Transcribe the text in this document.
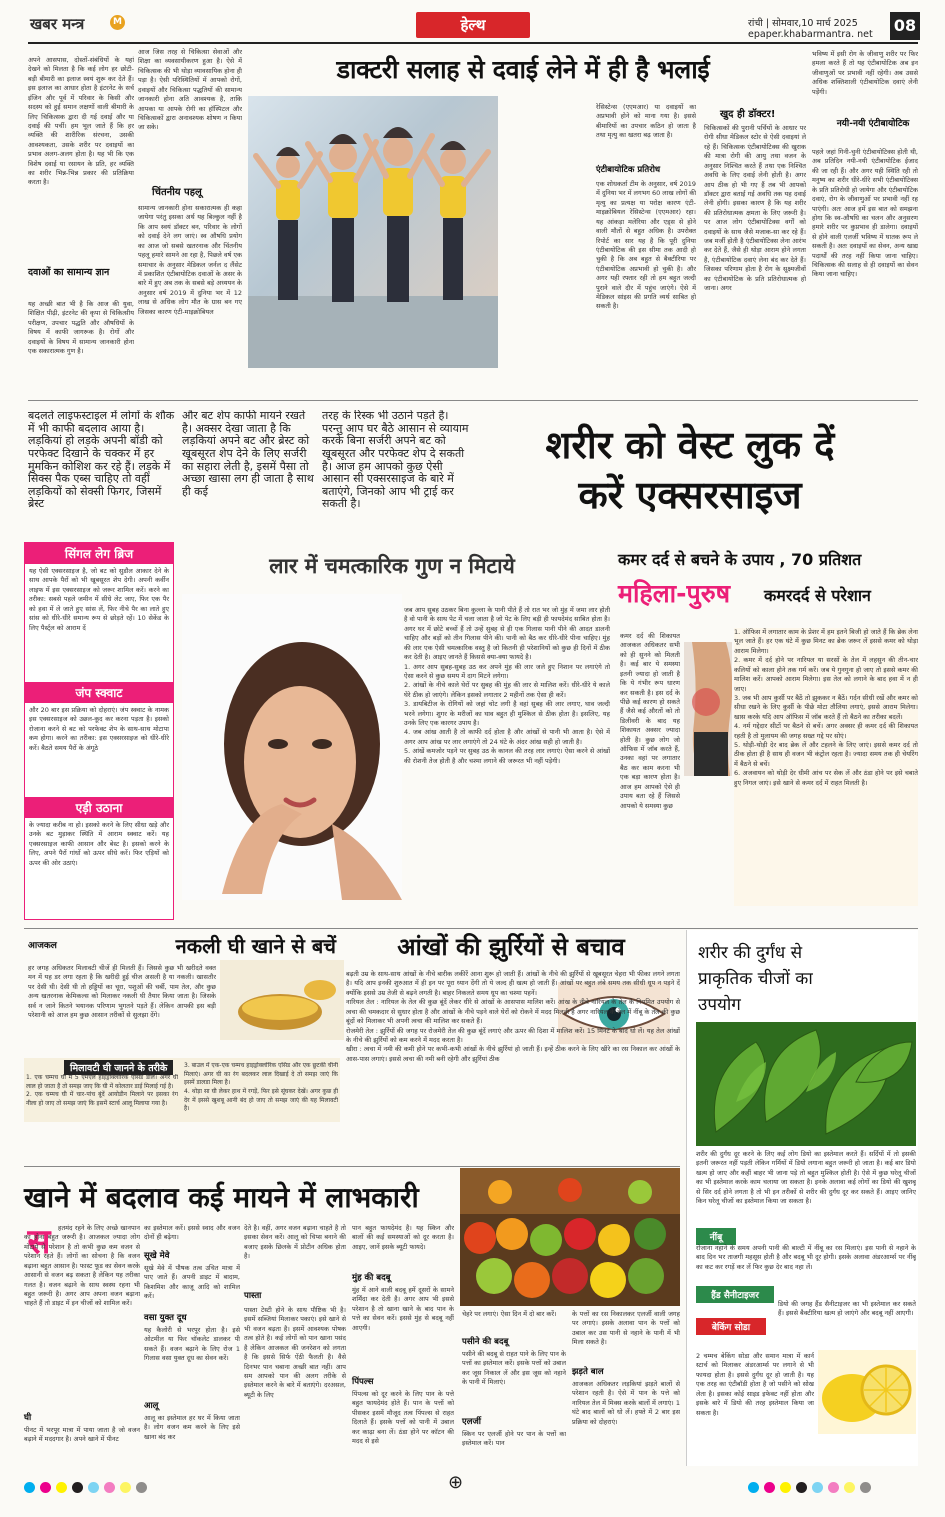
खबर मन्त्र	M	हेल्थ	रांची | सोमवार,10 मार्च 2025
epaper.khabarmantra. net 08
अपने आसपास, दोस्तों-संबंधियों के यहां देखने को मिलता है कि कई लोग हर छोटी-बड़ी बीमारी का इलाज स्वयं शुरू कर देते हैं। इस इलाज का आधार होता है इंटरनेट के सर्च इंजिन और पूर्व में परिवार के किसी और सदस्य को हुई समान लक्षणों वाली बीमारी के लिए चिकित्सक द्वारा दी गई दवाई और या दवाई की पर्ची। हम भूल जाते हैं कि हर व्यक्ति की शारीरिक संरचना, उसकी आवश्यकता, उसके शरीर पर दवाइयों का प्रभाव अलग-अलग होता है। यह भी कि एक विशेष दवाई या रसायन के प्रति, हर व्यक्ति का शरीर भिन्न-भिन्न प्रकार की प्रतिक्रिया करता है।
दवाओं का सामान्य ज्ञान
यह अच्छी बात भी है कि आज की युवा, शिक्षित पीढ़ी, इंटरनेट की कृपा से चिकित्सीय परीक्षण, उपचार पद्धति और औषधियों के विषय में काफी जागरूक है। रोगों और दवाइयों के विषय में सामान्य जानकारी होना एक सकारात्मक गुण है।
आज जिस तरह से चिकित्सा सेवाओं और शिक्षा का व्यवसायीकरण हुआ है। ऐसे में चिकित्सक की भी थोड़ा व्यावसायिक होना ही पड़ा है। ऐसी परिस्थितियों में आपको रोगों, दवाइयों और चिकित्सा पद्धतियों की सामान्य जानकारी होना अति आवश्यक है, ताकि आपका या आपके रोगी का हॉस्पिटल और चिकित्सकों द्वारा अनावश्यक शोषण न किया जा सके।
चिंतनीय पहलू
सामान्य जानकारी होना सकारात्मक ही कहा जायेगा परंतु इसका अर्थ यह बिल्कुल नहीं है कि आप स्वयं डॉक्टर बन, परिवार के लोगों को दवाई देने लग जाएं। स्व औषधि प्रयोग का आज जो सबसे खतरनाक और चिंतनीय पहलू हमारे सामने आ रहा है, पिछले वर्ष एक समाचार के अनुसार मेडिकल जर्नल द लैंसेट में प्रकाशित एंटीबायोटिक दवाओं के असर के बारे में हुए अब तक के सबसे बड़े अध्ययन के अनुसार वर्ष 2019 में दुनिया भर में 12 लाख से अधिक लोग मौत के ग्रास बन गए जिसका कारण एंटी-माइक्रोबियल
डाक्टरी सलाह से दवाई लेने में ही है भलाई
रेसिस्टेन्स (एएमआर) या दवाइयों का अप्रभावी होने को माना गया है। इससे बीमारियों का उपचार कठिन हो जाता है तथा मृत्यु का खतरा बढ़ जाता है।
एंटीबायोटिक प्रतिरोध
एक शोधकर्ता टीम के अनुसार, वर्ष 2019 में दुनिया भर में लगभग 60 लाख लोगों की मृत्यु का प्रत्यक्ष या परोक्ष कारण एंटी-माइक्रोबियल रेसिस्टेन्स (एएमआर) रहा। यह आंकड़ा मलेरिया और एड्स से होने वाली मौतों से बहुत अधिक है। उपरोक्त रिपोर्ट का सार यह है कि पूरी दुनिया एंटीबायोटिक की इस सीमा तक आदी हो चुकी है कि अब बहुत से बैक्टीरिया पर एंटीबायोटिक अप्रभावी हो चुकी है। और अगर यही रफ्तार रही तो हम बहुत जल्दी पुराने वाले दौर में पहुंच जाएंगे। ऐसे में मेडिकल सांइस की प्रगति व्यर्थ साबित हो सकती है।
खुद ही डॉक्टर!
चिकित्सकों की पुरानी पर्चियों के आधार पर रोगी सीधा मेडिकल स्टोर से ऐसी दवाइयां ले रहे हैं। चिकित्सक एंटीबायोटिक्स की खुराक की मात्रा रोगी की आयु तथा वजन के अनुसार निश्चित करते हैं तथा एक निश्चित अवधि के लिए दवाई लेनी होती है। अगर आप ठीक हो भी गए हैं तब भी आपको डॉक्टर द्वारा बताई गई अवधि तक यह दवाई लेनी होगी। इसका कारण है कि यह शरीर की प्रतिरोधात्मक क्षमता के लिए जरूरी है। पर आज लोग एंटीबायोटिक्स वर्गों को दवाइयों के साथ जैसे मजाक-सा कर रहे हैं। जब मर्जी होती है एंटीबायोटिक्स लेना आरंभ कर देते हैं, जैसे ही थोड़ा आराम होने लगता है, एंटीबायोटिक दवाएं लेना बंद कर देते हैं। जिसका परिणाम होता है रोग के सूक्ष्मजीवों का एंटीबायोटिक के प्रति प्रतिरोधात्मक हो जाना। अगर
भविष्य में इसी रोग के जीवाणु शरीर पर फिर हमला करते हैं तो यह एंटीबायोटिक अब इन जीवाणुओं पर प्रभावी नहीं रहेगी। अब उससे अधिक शक्तिशाली एंटीबायोटिक दवाएं लेनी पड़ेंगी।
नयी-नयी एंटीबायोटिक
पहले जहां गिनी-चुनी एंटीबायोटिक्स होती थी, अब प्रतिदिन नयी-नयी एंटीबायोटिक ईजाद की जा रही हैं। और अगर यही स्थिति रही तो मनुष्य का शरीर धीरे-धीरे सभी एंटीबायोटिक्स के प्रति प्रतिरोधी हो जायेगा और एंटीबायोटिक दवाएं, रोग के जीवाणुओं पर प्रभावी नहीं रह पाएंगी। अतः आज हमें इस बात को समझना होगा कि स्व-औषधि का चलन और अनुसरण हमारे शरीर पर कुप्रभाव ही डालेगा। दवाइयों से होने वाली एलर्जी भविष्य में घातक रूप ले सकती है। अतः दवाइयों का सेवन, अन्य खाद्य पदार्थों की तरह नहीं किया जाना चाहिए। चिकित्सक की सलाह से ही दवाइयों का सेवन किया जाना चाहिए।
बदलते लाइफस्टाइल में लोगों के शौक में भी काफी बदलाव आया है। लड़कियां हो लड़के अपनी बॉडी को परफेक्ट दिखाने के चक्कर में हर मुमकिन कोशिश कर रहे हैं। लड़के में सिक्स पैक एब्स चाहिए तो वहीं लड़कियों को सेक्सी फिगर, जिसमें ब्रेस्ट
और बट शेप काफी मायने रखते है। अक्सर देखा जाता है कि लड़कियां अपने बट और ब्रेस्ट को खूबसूरत शेप देने के लिए सर्जरी का सहारा लेती है, इसमें पैसा तो अच्छा खासा लग ही जाता है साथ ही कई
तरह के रिस्क भी उठाने पड़ते है। परन्तु आप घर बैठे आसान से व्यायाम करके बिना सर्जरी अपने बट को खूबसूरत और परफेक्ट शेप दे सकती है। आज हम आपको कुछ ऐसी आसान सी एक्सरसाइज के बारे में बताएंगे, जिनको आप भी ट्राई कर सकती है।
शरीर को वेस्ट लुक दें
करें एक्सरसाइज
सिंगल लेग ब्रिज
यह ऐसी एक्सरसाइज है, जो बट को सुडौल आकार देने के साथ आपके पैरों को भी खूबसूरत शेप देगी। अपनी कर्वीन लाइफ में इस एक्सरसाइज को जरूर शामिल करें। करने का तरीका: सबसे पहले जमीन में सीधे लेट जाए, फिर एक पैर को हवा में ले जाते हुए सांस लें, फिर नीचे पैर का लाते हुए सांस को धीरे-धीरे समान्य रूप से छोड़ते रहें। 10 सेकेंड के लिए पैर्स्ट्ल को आराम दें
जंप स्क्वाट
और 20 बार इस प्रक्रिया को दोहराएं। जंप स्क्वाट के नामक इस एक्सरसाइज को उछल-कूद कर करना पड़ता है। इसको रोजाना करने से बट को परफेक्ट शेप के साथ-साथ मोटापा कम होगा। करने का तरीका: इस एक्सरसाइज को धीरे-धीरे करें। बैठते समय पैरों के अंगूठे
एड़ी उठाना
के ज्यादा करीब ना हो। इसको करने के लिए सीधा खड़े और उनके बट मुड़ाकर स्थिति में आराम स्क्वाट करें। यह एक्सरसाइज काफी आसान और बेस्ट है। इसको करने के लिए, अपने पैरों गांधों को ऊपर सीधे करें। फिर एड़ियों को ऊपर की ओर उठाएं।
लार में चमत्कारिक गुण न मिटाये
जब आप सुबह उठकर बिना कुल्ला के पानी पीते हैं तो रात भर जो मुंह में जमा लार होती है वो पानी के साथ पेट में चला जाता है जो पेट के लिए बड़ी ही फायदेमंद साबित होता है। अगर घर में छोटे बच्चों हैं तो उन्हें सुबह से ही एक गिलास पानी पीने की आदत डालनी चाहिए और बड़ों को तीन गिलास पीने की। पानी को बैठ कर धीरे-धीरे पीना चाहिए। मुंह की लार एक ऐसी चमत्कारिक वस्तु है जो कितनी ही परेशानियों को कुछ ही दिनों में ठीक कर देती है। आइए जानते हैं किससे क्या-क्या फायदे है।
1. अगर आप सुबह-सुबह उठ कर अपने मुंह की लार जले हुए निशान पर लगाएंगे तो ऐसा करने से कुछ समय में दाग मिटने लगेगा।
2. आंखों के नीचे काले घेरों पर सुबह की मुंह की लार से मालिश करें। धीरे-धीरे ये काले घेरे ठीक हो जाएंगे। लेकिन इसको लगातार 2 महीनों तक ऐसा ही करें।
3. डायबिटीज के रोगियों को जहां चोट लगी है वहां सुबह की लार लगाए, घाव जल्दी भरने लगेगा। शुगर के मरीजों का घाव बहुत ही मुश्किल से ठीक होता है। इसलिए, यह उनके लिए एक कारगर उपाय है।
4. जब आंख आती है तो काफी दर्द होता है और आंखों से पानी भी आता है। ऐसे में अगर आप आंख पर लार लगाएंगे तो 24 घंटे के अंदर आंख सही हो जाती है।
5. आंखें कमजोर पड़ने पर सुबह उठ के कानल की तरह लार लगाएं। ऐसा करने से आंखों की रोशनी तेज होती है और चश्मा लगाने की जरूरत भी नहीं पड़ेगी।
कमर दर्द से बचने के उपाय , 70 प्रतिशत
महिला-पुरुष कमरदर्द से परेशान
कमर दर्द की शिकायत आजकल अधिकतर सभी को ही सुनने को मिलती है। कई बार ये समस्या इतनी ज्यादा हो जाती है कि ये गंभीर रूप धारण कर सकती है। इस दर्द के पीछे कई कारण हो सकते हैं जैसे कई औरतों को तो डिलीवरी के बाद यह शिकायत अक्सर ज्यादा होती है। कुछ लोग जो ऑफिस में जॉब करते हैं, उनका वहां पर लगातार बैठ कर काम करना भी एक बड़ा कारण होता है। आज हम आपको ऐसे ही उपाय बता रहे हैं जिससे आपको ये समस्या कुछ
1. ऑफिस में लगातार काम के प्रेशर में हम इतने बिजी हो जाते हैं कि ब्रेक लेना भूल जाते हैं। हर एक घंटे में कुछ मिनट का ब्रेक जरूर लें इससे कमर को थोड़ा आराम मिलेगा।
2. कमर में दर्द होने पर नारियल या सरसों के तेल में लहसुन की तीन-चार कलियों को काला होने तक गर्म करें। जब ये गुनगुना हो जाए तो इससे कमर की मालिश करें। आपको आराम मिलेगा। इस तेल को लगाने के बाद हवा में न ही जाए।
3. जब भी आप कुर्सी पर बैठें तो झुककर न बैठें। गर्दन सीधी रखें और कमर को सीधा रखने के लिए कुर्सी के पीछे मोटा तौलिया लगाएं, इससे आराम मिलेगा। खास करके यदि आप ऑफिस में जॉब करते हैं तो बैठने का तरीका बदलें।
4. नर्म गद्देदार सीटों पर बैठने से बचें। अगर अक्सर ही कमर दर्द की शिकायत रहती है तो मुलायम की जगह सख्त गद्दे पर सोएं।
5. थोड़ी-थोड़ी देर बाद ब्रेक लें और टहलने के लिए जाएं। इससे कमर दर्द तो ठीक होता ही है साथ ही वजन भी कंट्रोल रहता है। ज्यादा समय तक ही चेयरिंग में बैठने से बचें।
6. अजवायन को थोड़ी देर धीमी आंच पर सेक लें और ठंडा होने पर इसे चबाते हुए निगल जाएं। इसे खाने से कमर दर्द में राहत मिलती है।
आजकल	नकली घी खाने से बचें
हर जगह अधिकतर मिलावटी चीजें ही मिलती हैं। जिससे कुछ भी खरीदते वक्त मन में यह डर लगा रहता है कि खरीदी हुई चीज असली है या नकली। खासतौर पर देसी घी। देसी घी तो हड्डियों का चूरा, पशुओं की चर्बी, पाम तेल, और कुछ अन्य खतरनाक केमिकल्स को मिलाकर नकली घी तैयार किया जाता है। जिसके सर्व न जाने कितने भयानक परिणाम भुगतने पड़ते हैं। लेकिन आपकी इस बड़ी परेशानी को आज हम कुछ आसान तरीकों से सुलझा देंगे।
मिलावटी घी जानने के तरीके
1. एक चम्मच घी में 5 एमएल हाइड्रोक्लोरिक एसिड डालें। अगर घी लाल हो जाता है तो समझ जाए कि घी में कोलतार डाई मिलाई गई है।
2. एक चम्मच घी में चार-पांच बूंदें आयोडीन मिलाने पर इसका रंग नीला हो जाए तो समझ जाएं कि इसमें स्टार्च आलू मिलाया गया है।
3. बाउल में एक-एक चम्मच हाइड्रोक्लोरिक एसिड और एक छूटकी चीनी मिलाएं। अगर घी का रंग बदलकर लाल दिखाई दे तो समझ जाएं कि इसमें डालडा मिला है।
4. थोड़ा सा घी लेकर हाथ में रगड़ें, फिर इसे सूंघकर देखें। अगर कुछ ही देर में इससे खुशबू आनी बंद हो जाए तो समझ जाएं की यह मिलावटी है।
आंखों की झुर्रियों से बचाव
बढ़ती उम्र के साथ-साथ आंखों के नीचे बारीक लकीरें आना शुरू हो जाती हैं। आंखों के नीचे की झुर्रियों से खूबसूरत चेहरा भी फीका लगने लगता है। यदि आप इनकी शुरुआत में ही इन पर पूरा ध्यान देंगी तो ये जल्द ही खत्म हो जाती हैं। आंखों पर बहुत लंबे समय तक सीधी धूप न पड़ने दें क्योंकि इससे उम्र तेजी से बढ़ने लगती है। बाहर निकलते समय धूप का चश्मा पहनें।
नारियल तेल : नारियल के तेल की कुछ बूंदें लेकर धीरे से आंखों के आसपास मालिश करें। आंख के नीचे नारियल के तेल के नियमित उपयोग से त्वचा की चमकदार से सुधार होता है और आंखों के नीचे पड़ने वाले घेरों को रोकने में मदद मिलती है अगर नारियल के तेल में नींबू के तेल की कुछ बूंदों को मिलाकर भी अपनी त्वचा की मालिश कर सकते हैं।
रोजमेरी तेल : झुर्रियों की जगह पर रोजमेरी तेल की कुछ बूंदें लगाएं और ऊपर की दिशा में मालिश करें। 15 मिनट के बाद धो लें। यह तेल आंखों के नीचे की झुर्रियों को कम करने में मदद करता है।
खीरा : त्वचा में नमी की कमी होने पर कभी-कभी आंखों के नीचे झुर्रियां हो जाती हैं। इन्हें ठीक करने के लिए खीरे का रस निकाल कर आंखों के आस-पास लगाएं। इससे त्वचा की नमी बनी रहेगी और झुर्रियां ठीक
शरीर की दुर्गंध से
प्राकृतिक चीजों का
उपयोग
शरीर की दुर्गंध दूर करने के लिए कई लोग डियो का इस्तेमाल करते हैं। सर्दियों में तो इसकी इतनी जरूरत नहीं पड़ती लेकिन गर्मियों में डियो लगाना बहुत जरूरी हो जाता है। कई बार डियो खत्म हो जाए और कहीं बाहर भी जाना पड़े तो बहुत मुश्किल होती है। ऐसे में कुछ घरेलू चीजों का भी इस्तेमाल करके काम चलाया जा सकता है। इनके अलावा कई लोगों का डियो की खुशबू से सिर दर्द होने लगता है तो भी इन तरीकों से शरीर की दुर्गंध दूर कर सकते हैं। आइए जानिए किन घरेलू चीजों का इस्तेमाल किया जा सकता है।
नींबू
रोजाना नहाने के समय अपनी पानी की बाल्टी में नींबू का रस मिलाएं। इस पानी से नहाने के बाद दिन भर ताजगी महसूस होती है और बदबू भी दूर होगी। इसके अलावा अंडरआर्म्स पर नींबू का कट कर रगड़ें कर लें फिर कुछ देर बाद नहा लें।
हैंड सैनीटाइजर
डियो की जगह हैंड सैनीटाइजर का भी इस्तेमाल कर सकते हैं। इससे बैक्टीरिया खत्म हो जाएंगे और बदबू नहीं आएगी।
बेकिंग सोडा
2 चम्मच बेकिंग सोडा और समान मात्रा में कार्न स्टार्च को मिलाकर अंडरआर्म्स पर लगाने से भी फायदा होता है। इससे दुर्गंध दूर हो जाती है। यह एक तरह का एंटीबॉडी होता है जो पसीने को सोख लेता है। इसका कोई साइड इफेक्ट नहीं होता और इसके बारे में डियो की तरह इस्तेमाल किया जा सकता है।
खाने में बदलाव कई मायने में लाभकारी
स	हतमंद रहने के लिए अच्छे खानपान का होना बहुत जरूरी है। आजकल ज्यादा लोग मोटापे से परेशान है तो कभी कुछ कम वजन से परेशान रहते हैं। लोगों का सोचना है कि वजन बढ़ाना बहुत आसान है। फास्ट फूड का सेवन करके आसानी से वजन बढ़ सकता है लेकिन यह तरीका गलत है। वजन बढ़ाने के साथ स्वस्थ रहना भी बहुत जरूरी है। अगर आप अपना वजन बढ़ाना चाहते हैं तो डाइट में इन चीजों को शामिल करें।
घी
पीनट में भरपूर मात्रा में पाया जाता है जो वजन बढ़ाने में मददगार है। अपने खाने में पीनट
का इस्तेमाल करें। इससे स्वाद और वजन दोनों ही बढ़ेगा।
सूखे मेवे
सूखे मेवे में पौषक तत्व उचित मात्रा में पाए जाते हैं। अपनी डाइट में बादाम, किशमिश और काजू आदि को शामिल करें।
वसा युक्त दूध
यह कैलोरी से भरपूर होता है। इसे ओटमील या फिर चॉकलेट डालकर पी सकते हैं। वजन बढ़ाने के लिए रोज 1 गिलास वसा युक्त दूध का सेवन करें।
आलू
आलू का इस्तेमाल हर घर में किया जाता है। लोग वजन कम करने के लिए इसे खाना बंद कर
देते है। वहीं, अगर वजन बढ़ाना चाहते है तो इसका सेवन करें। आलू को चिप्स बनाने की बजाए इसके छिलके में प्रोटीन अधिक होता है।
पास्ता
पास्ता टेस्टी होने के साथ पौष्टिक भी है। इसमें सब्जियां मिलाकर पकाएं। इसे खाने से भी वजन बढ़ता है। इसमें आवश्यक पोषक तत्व होते है। कई लोगों को पान खाना पसंद है लेकिन आजकल की जनरेशन को लगता है कि इससे सिर्फ ऐंठी फैलती है। वैसे दिनभर पान चबाना अच्छी बात नहीं। आप सम आपको पान की अलग तरीके से इस्तेमाल करने के बारे में बताएंगे। दरअसल, ब्यूटी के लिए
पान बहुत फायदेमंद है। यह स्किन और बालों की कई समस्याओं को दूर करता है। आइए, जानें इसके ब्यूटी फायदे।
मुंह की बदबू
मुंह में आने वाली बदबू हमें दूसरों के सामने शर्मिंदा कर देती है। अगर आप भी इससे परेशान है तो खाना खाने के बाद पान के पत्ते का सेवन करें। इससे मुंह से बदबू नहीं आएगी।
पिंपल्स
पिंपल्स को दूर करने के लिए पान के पत्ते बहुत फायदेमंद होते हैं। पान के पत्तों को पीसकर इसमें मौजूद तत्व पिंपल्स से राहत दिलाते हैं। इसके पत्तों को पानी में उबाल कर काढ़ा बना लें। ठंडा होने पर कॉटन की मदद से इसे
चेहरे पर लगाएं। ऐसा दिन में दो बार करें।
पसीने की बदबू
पसीने की बदबू से राहत पाने के लिए पान के पत्तों का इस्तेमाल करें। इसके पत्तों को उबाल कर जूस निकाल लें और इस जूस को नहाने के पानी में मिलाएं।
एलर्जी
स्किन पर एलर्जी होने पर पान के पत्तों का इस्तेमाल करें। पान
के पत्तों का रस निकालकर एलर्जी वाली जगह पर लगाएं। इसके अलावा पान के पत्तों को उबाल कर उस पानी से नहाने के पानी में भी मिला सकते है।
झड़ते बाल
आजकल अधिकतर लड़कियां झड़ते बालों से परेशान रहती है। ऐसे में पान के पत्ते को नारियल तेल में मिक्स करके बालों में लगाएं। 1 घंटे बाद बालों को धो लें। हफ्ते में 2 बार इस प्रक्रिया को दोहराएं।
⊕
